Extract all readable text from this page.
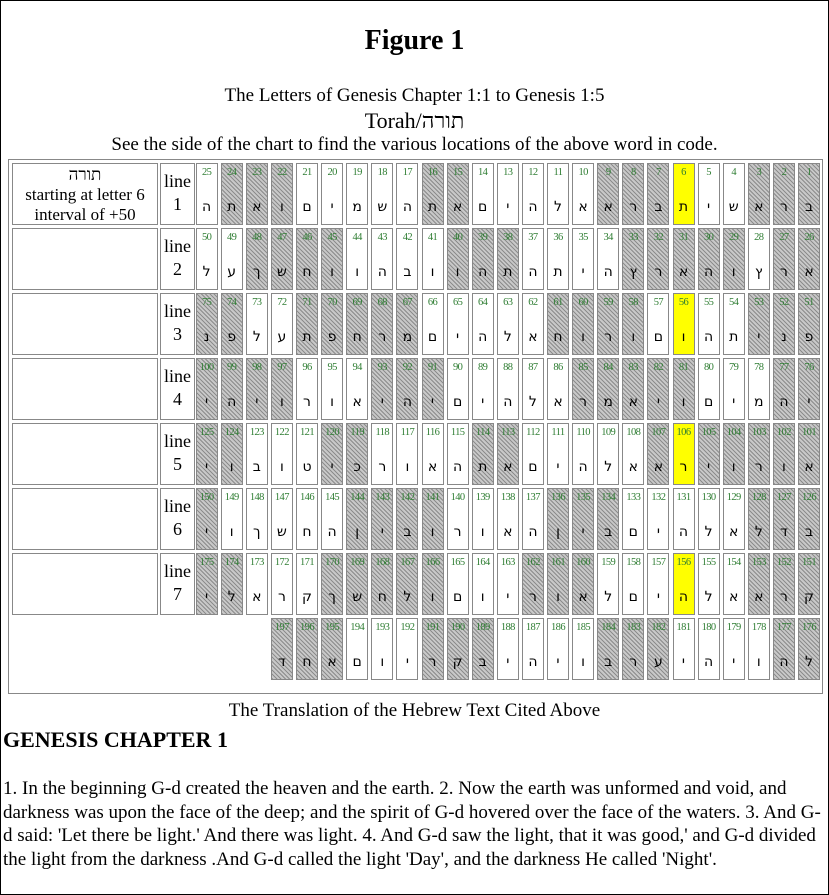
Figure 1
The Letters of Genesis Chapter 1:1 to Genesis 1:5
Torah/תורה
See the side of the chart to find the various locations of the above word in code.
תורה
starting at letter 6
interval of +50
line
1
1
ב
2
ר
3
א
4
ש
5
י
6
ת
7
ב
8
ר
9
א
10
א
11
ל
12
ה
13
י
14
ם
15
א
16
ת
17
ה
18
ש
19
מ
20
י
21
ם
22
ו
23
א
24
ת
25
ה
line
2
26
א
27
ר
28
ץ
29
ו
30
ה
31
א
32
ר
33
ץ
34
ה
35
י
36
ת
37
ה
38
ת
39
ה
40
ו
41
ו
42
ב
43
ה
44
ו
45
ו
46
ח
47
ש
48
ך
49
ע
50
ל
line
3
51
פ
52
נ
53
י
54
ת
55
ה
56
ו
57
ם
58
ו
59
ר
60
ו
61
ח
62
א
63
ל
64
ה
65
י
66
ם
67
מ
68
ר
69
ח
70
פ
71
ת
72
ע
73
ל
74
פ
75
נ
line
4
76
י
77
ה
78
מ
79
י
80
ם
81
ו
82
י
83
א
84
מ
85
ר
86
א
87
ל
88
ה
89
י
90
ם
91
י
92
ה
93
י
94
א
95
ו
96
ר
97
ו
98
י
99
ה
100
י
line
5
101
א
102
ו
103
ר
104
ו
105
י
106
ר
107
א
108
א
109
ל
110
ה
111
י
112
ם
113
א
114
ת
115
ה
116
א
117
ו
118
ר
119
כ
120
י
121
ט
122
ו
123
ב
124
ו
125
י
line
6
126
ב
127
ד
128
ל
129
א
130
ל
131
ה
132
י
133
ם
134
ב
135
י
136
ן
137
ה
138
א
139
ו
140
ר
141
ו
142
ב
143
י
144
ן
145
ה
146
ח
147
ש
148
ך
149
ו
150
י
line
7
151
ק
152
ר
153
א
154
א
155
ל
156
ה
157
י
158
ם
159
ל
160
א
161
ו
162
ר
163
י
164
ו
165
ם
166
ו
167
ל
168
ח
169
ש
170
ך
171
ק
172
ר
173
א
174
ל
175
י
176
ל
177
ה
178
ו
179
י
180
ה
181
י
182
ע
183
ר
184
ב
185
ו
186
י
187
ה
188
י
189
ב
190
ק
191
ר
192
י
193
ו
194
ם
195
א
196
ח
197
ד
The Translation of the Hebrew Text Cited Above
GENESIS CHAPTER 1

1. In the beginning G-d created the heaven and the earth. 2. Now the earth was unformed and void, and darkness was upon the face of the deep; and the spirit of G-d hovered over the face of the waters. 3. And G-d said: 'Let there be light.' And there was light. 4. And G-d saw the light, that it was good,' and G-d divided the light from the darkness .And G-d called the light 'Day', and the darkness He called 'Night'.
